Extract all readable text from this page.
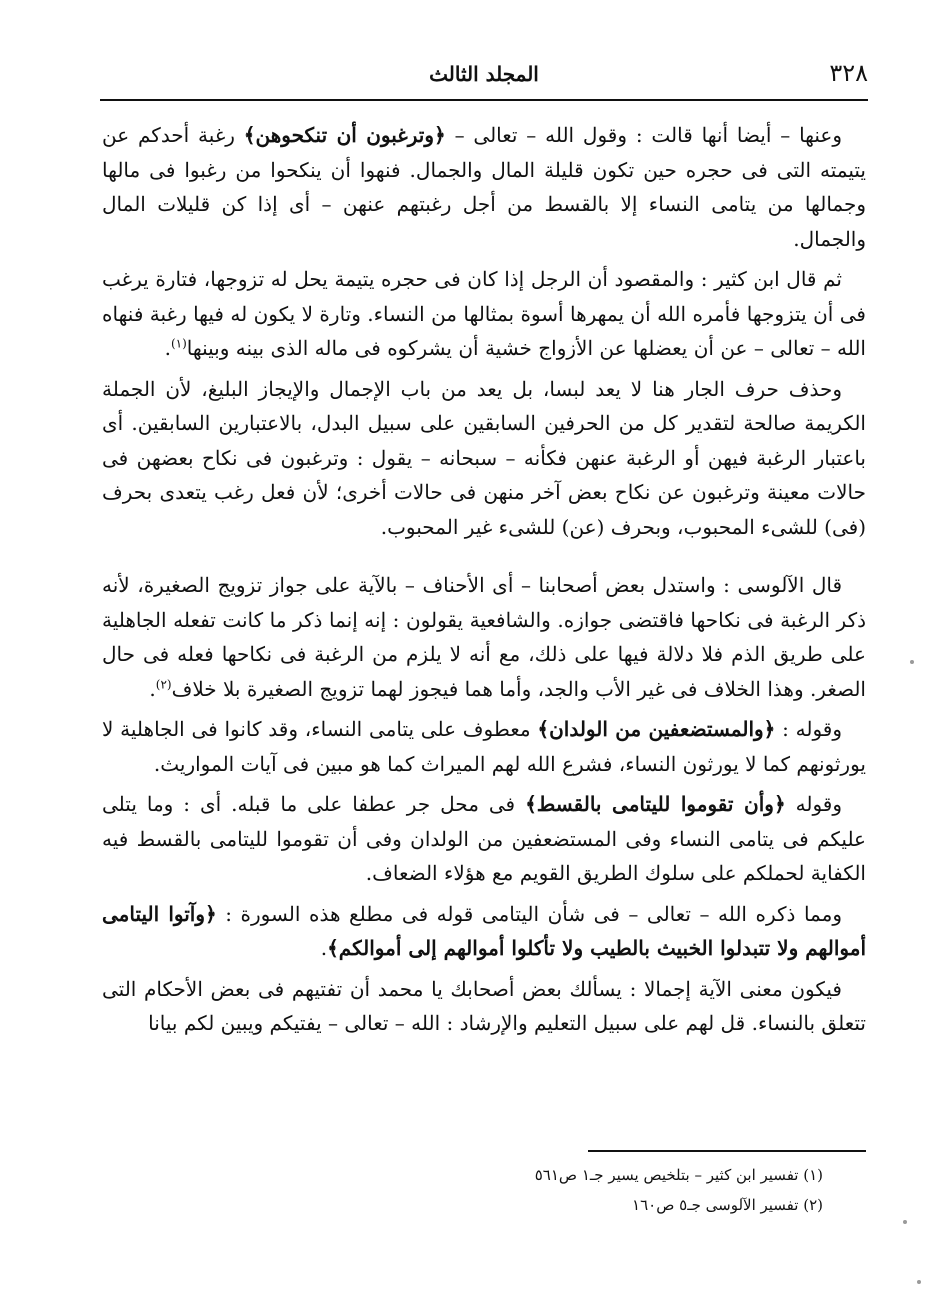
٣٢٨
المجلد الثالث

وعنها – أيضا أنها قالت : وقول الله – تعالى – ﴿وترغبون أن تنكحوهن﴾ رغبة أحدكم عن يتيمته التى فى حجره حين تكون قليلة المال والجمال. فنهوا أن ينكحوا من رغبوا فى مالها وجمالها من يتامى النساء إلا بالقسط من أجل رغبتهم عنهن – أى إذا كن قليلات المال والجمال.

ثم قال ابن كثير : والمقصود أن الرجل إذا كان فى حجره يتيمة يحل له تزوجها، فتارة يرغب فى أن يتزوجها فأمره الله أن يمهرها أسوة بمثالها من النساء. وتارة لا يكون له فيها رغبة فنهاه الله – تعالى – عن أن يعضلها عن الأزواج خشية أن يشركوه فى ماله الذى بينه وبينها$^{(١)}$.

وحذف حرف الجار هنا لا يعد لبسا، بل يعد من باب الإجمال والإيجاز البليغ، لأن الجملة الكريمة صالحة لتقدير كل من الحرفين السابقين على سبيل البدل، بالاعتبارين السابقين. أى باعتبار الرغبة فيهن أو الرغبة عنهن فكأنه – سبحانه – يقول : وترغبون فى نكاح بعضهن فى حالات معينة وترغبون عن نكاح بعض آخر منهن فى حالات أخرى؛ لأن فعل رغب يتعدى بحرف (فى) للشىء المحبوب، وبحرف (عن) للشىء غير المحبوب.

قال الآلوسى : واستدل بعض أصحابنا – أى الأحناف – بالآية على جواز تزويج الصغيرة، لأنه ذكر الرغبة فى نكاحها فاقتضى جوازه. والشافعية يقولون : إنه إنما ذكر ما كانت تفعله الجاهلية على طريق الذم فلا دلالة فيها على ذلك، مع أنه لا يلزم من الرغبة فى نكاحها فعله فى حال الصغر. وهذا الخلاف فى غير الأب والجد، وأما هما فيجوز لهما تزويج الصغيرة بلا خلاف$^{(٢)}$.

وقوله : ﴿والمستضعفين من الولدان﴾ معطوف على يتامى النساء، وقد كانوا فى الجاهلية لا يورثونهم كما لا يورثون النساء، فشرع الله لهم الميراث كما هو مبين فى آيات المواريث.

وقوله ﴿وأن تقوموا لليتامى بالقسط﴾ فى محل جر عطفا على ما قبله. أى : وما يتلى عليكم فى يتامى النساء وفى المستضعفين من الولدان وفى أن تقوموا لليتامى بالقسط فيه الكفاية لحملكم على سلوك الطريق القويم مع هؤلاء الضعاف.

ومما ذكره الله – تعالى – فى شأن اليتامى قوله فى مطلع هذه السورة : ﴿وآتوا اليتامى أموالهم ولا تتبدلوا الخبيث بالطيب ولا تأكلوا أموالهم إلى أموالكم﴾.

فيكون معنى الآية إجمالا : يسألك بعض أصحابك يا محمد أن تفتيهم فى بعض الأحكام التى تتعلق بالنساء. قل لهم على سبيل التعليم والإرشاد : الله – تعالى – يفتيكم ويبين لكم بيانا

(١) تفسير ابن كثير – بتلخيص يسير جـ١ ص٥٦١

(٢) تفسير الآلوسى جـ٥ ص١٦٠
